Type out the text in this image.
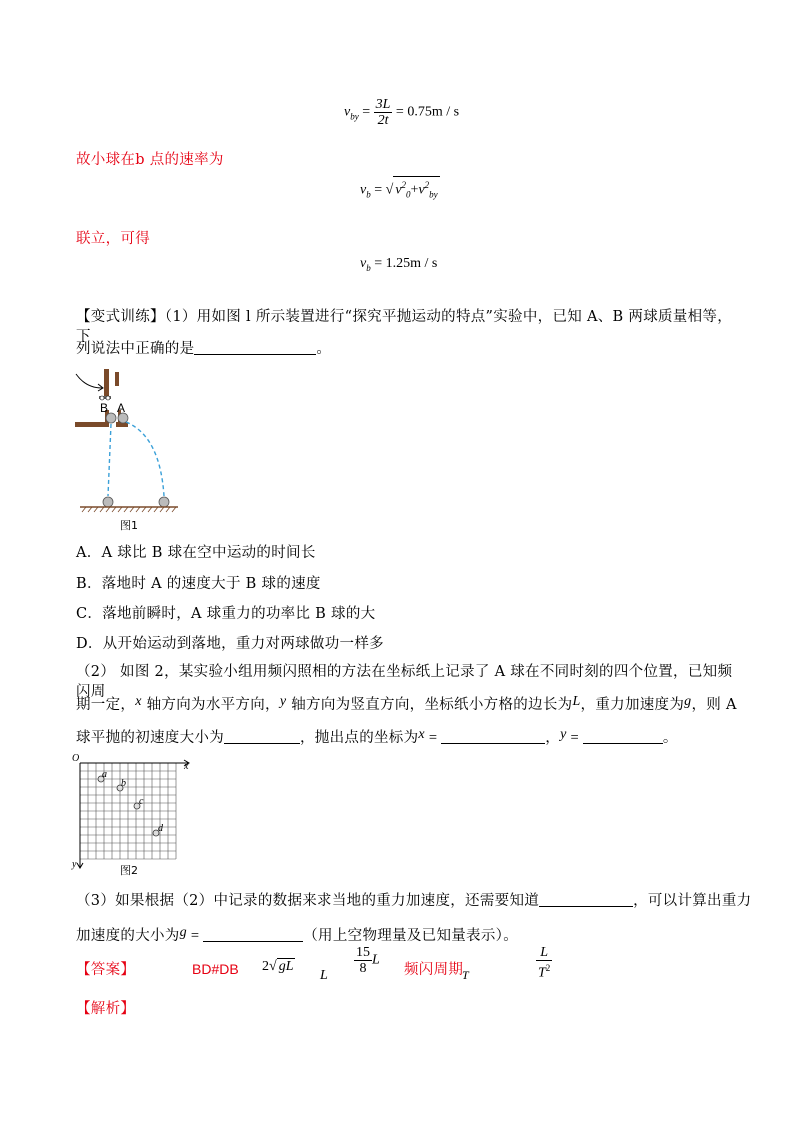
$v_{by} = \frac{3L}{2t} = 0.75m / s$
故小球在b 点的速率为
$v_b$ = √ $v^2_0+v^2_{by}$
联立，可得
$v_b = 1.25m / s$
【变式训练】（1）用如图 l 所示装置进行“探究平抛运动的特点”实验中，已知 A、B 两球质量相等，下
列说法中正确的是	。
B A
图1
A．A 球比 B 球在空中运动的时间长
B．落地时 A 的速度大于 B 球的速度
C．落地前瞬时，A 球重力的功率比 B 球的大
D．从开始运动到落地，重力对两球做功一样多
（2） 如图 2，某实验小组用频闪照相的方法在坐标纸上记录了 A 球在不同时刻的四个位置，已知频闪周
期一定，x 轴方向为水平方向，y 轴方向为竖直方向，坐标纸小方格的边长为L，重力加速度为g，则 A
球平抛的初速度大小为	，抛出点的坐标为x =	，y =	。
O
x
y
a
b
c
d
图2
（3）如果根据（2）中记录的数据来求当地的重力加速度，还需要知道	，可以计算出重力
加速度的大小为g =	（用上空物理量及已知量表示）。
【答案】	BD#DB 2√ gL
L $\frac{15}{8}$ L
频闪周期
T	$\frac{L}{T^2}$
【解析】
